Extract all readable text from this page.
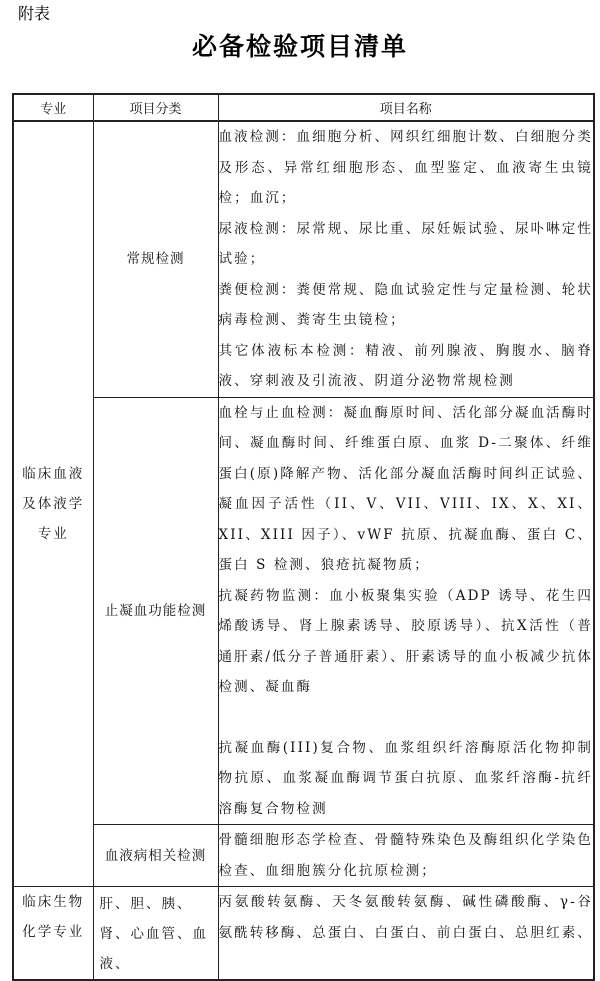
附表
必备检验项目清单
专业	项目分类	项目名称

临床血液
及体液学
专业	常规检测	血液检测：血细胞分析、网织红细胞计数、白细胞分类及形态、异常红细胞形态、血型鉴定、血液寄生虫镜检；血沉；
尿液检测：尿常规、尿比重、尿妊娠试验、尿卟啉定性试验；
粪便检测：粪便常规、隐血试验定性与定量检测、轮状病毒检测、粪寄生虫镜检；
其它体液标本检测：精液、前列腺液、胸腹水、脑脊液、穿刺液及引流液、阴道分泌物常规检测

	止凝血功能检测	血栓与止血检测：凝血酶原时间、活化部分凝血活酶时间、凝血酶时间、纤维蛋白原、血浆 D-二聚体、纤维蛋白(原)降解产物、活化部分凝血活酶时间纠正试验、凝血因子活性（II、V、VII、VIII、IX、X、XI、XII、XIII 因子）、vWF 抗原、抗凝血酶、蛋白 C、蛋白 S 检测、狼疮抗凝物质；
抗凝药物监测：血小板聚集实验（ADP 诱导、花生四烯酸诱导、肾上腺素诱导、胶原诱导）、抗X活性（普通肝素/低分子普通肝素）、肝素诱导的血小板减少抗体检测、凝血酶
抗凝血酶(III)复合物、血浆组织纤溶酶原活化物抑制物抗原、血浆凝血酶调节蛋白抗原、血浆纤溶酶-抗纤溶酶复合物检测

	血液病相关检测	骨髓细胞形态学检查、骨髓特殊染色及酶组织化学染色检查、血细胞簇分化抗原检测；

临床生物
化学专业	肝、胆、胰、肾、心血管、血液、	丙氨酸转氨酶、天冬氨酸转氨酶、碱性磷酸酶、γ-谷氨酰转移酶、总蛋白、白蛋白、前白蛋白、总胆红素、
